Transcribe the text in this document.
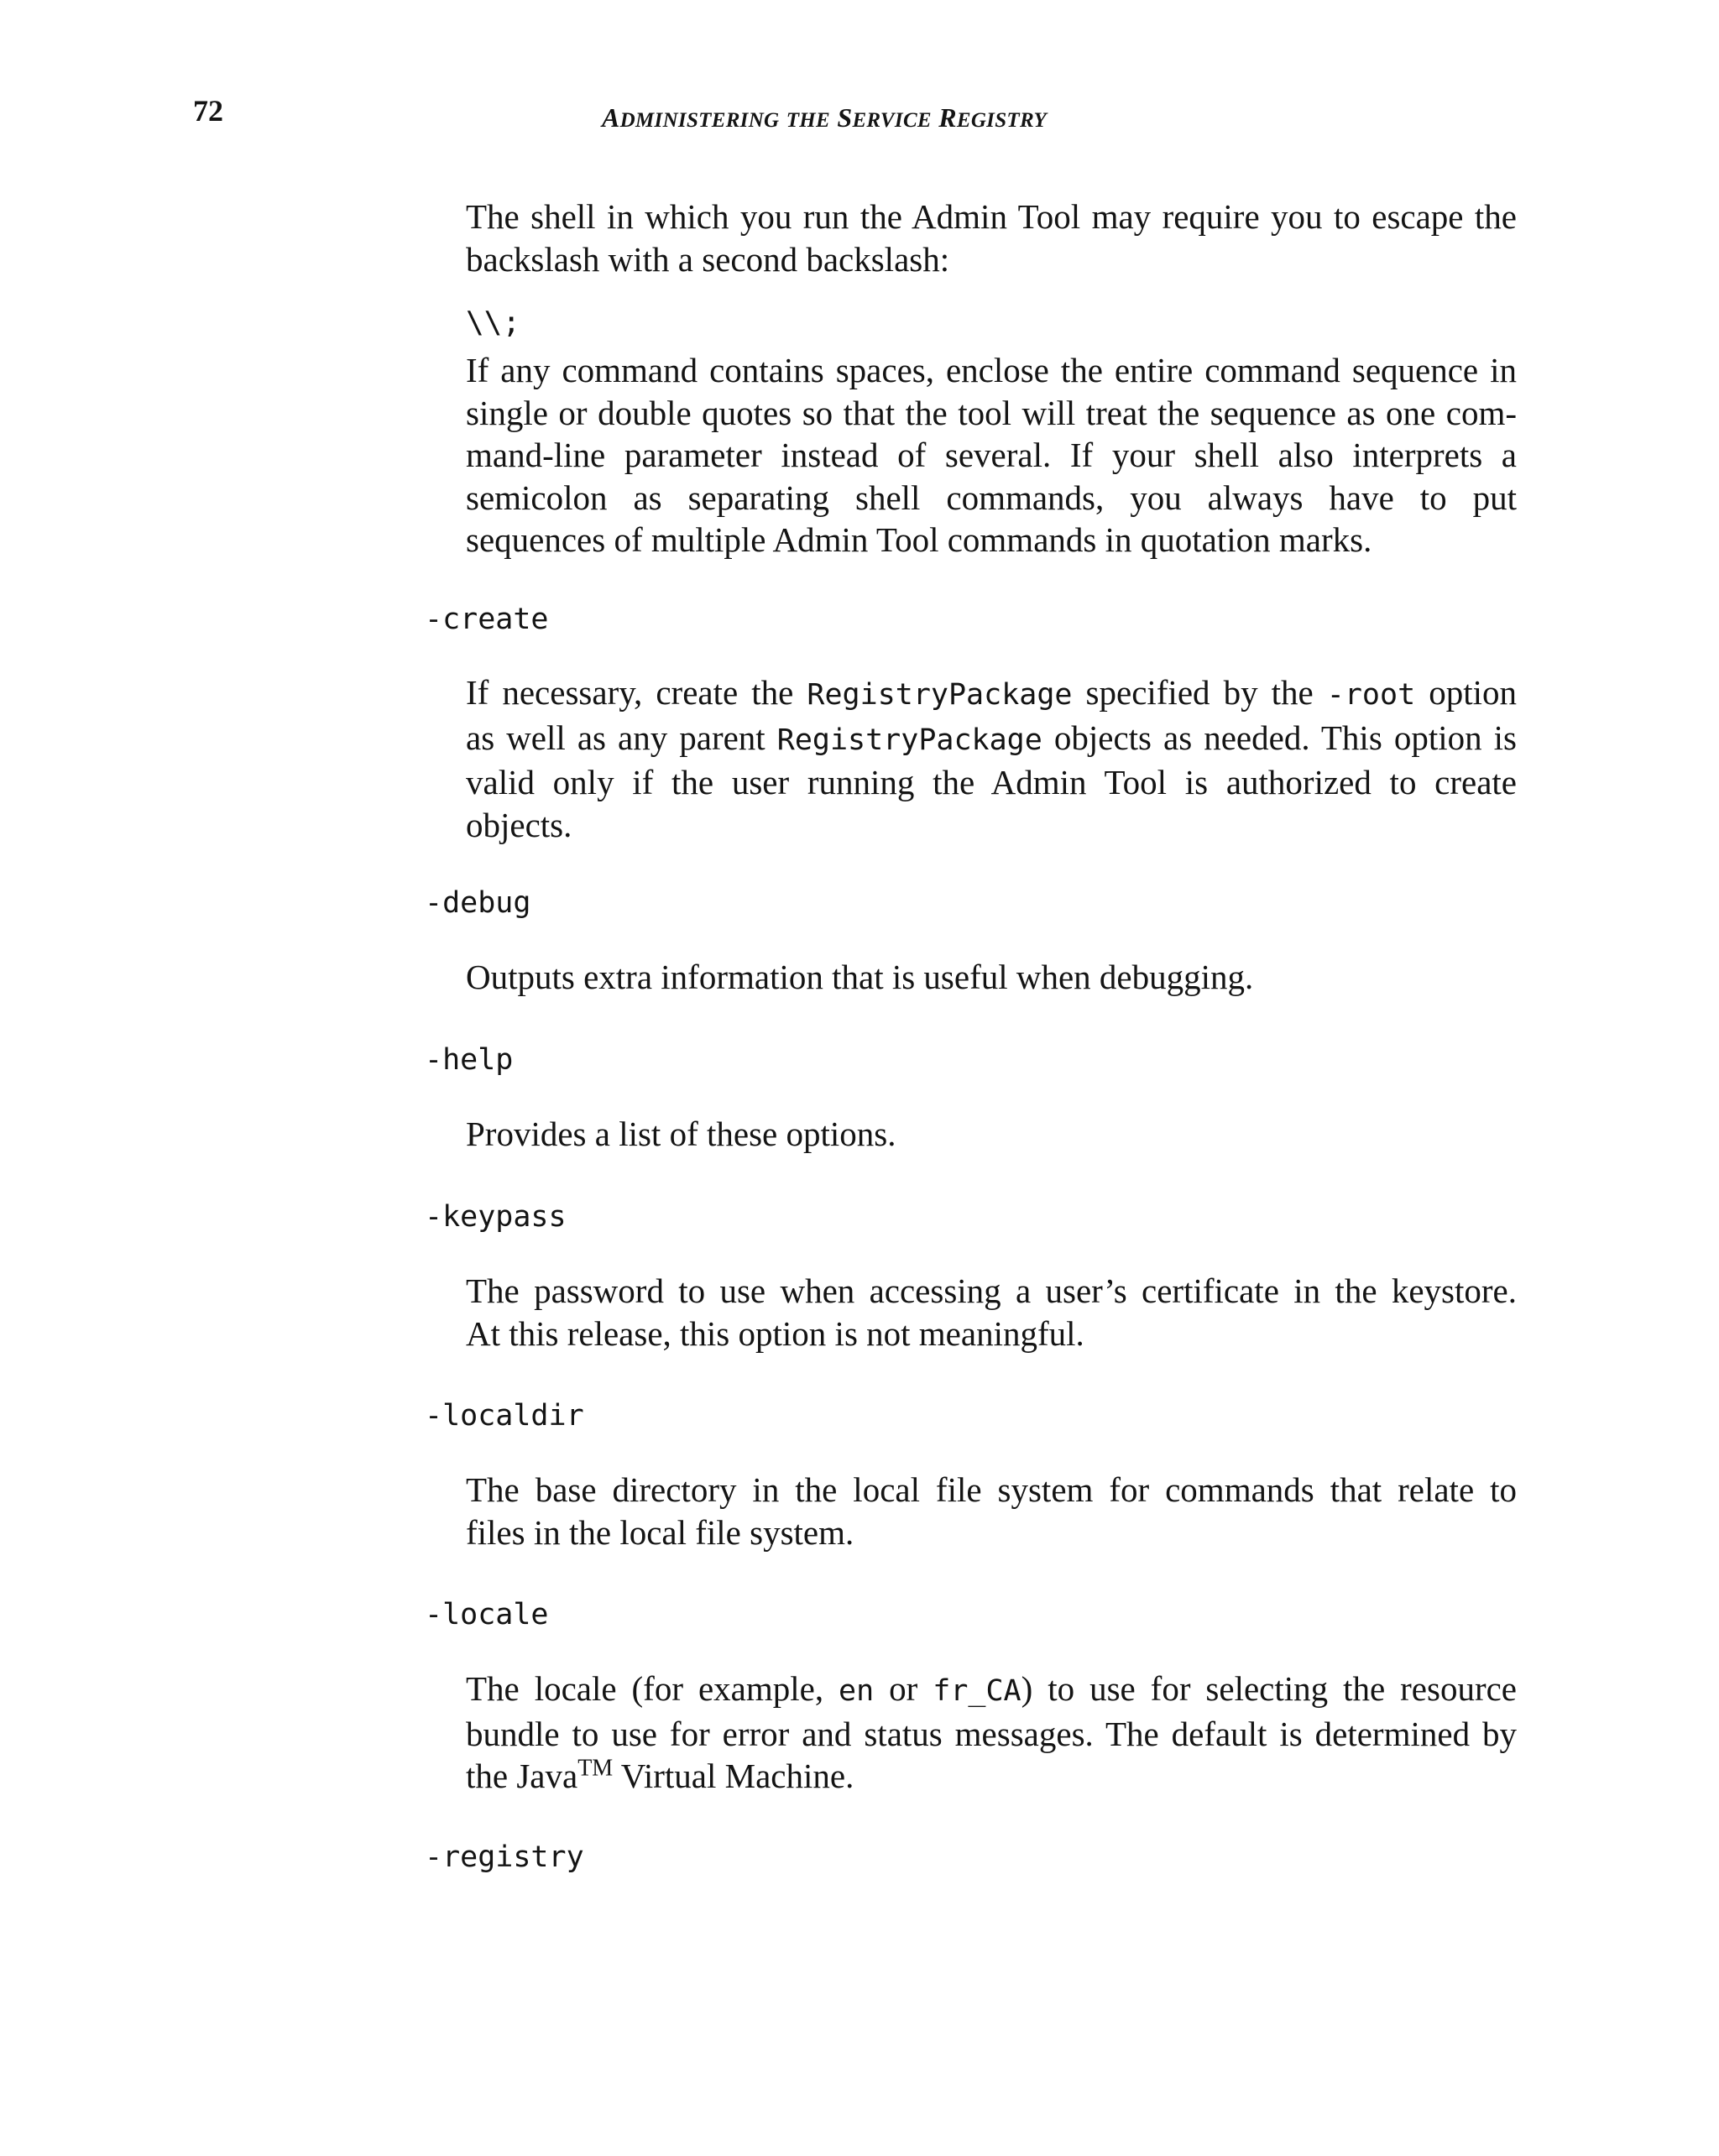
72	ADMINISTERING THE SERVICE REGISTRY
The shell in which you run the Admin Tool may require you to escape the
backslash with a second backslash:
\\;
If any command contains spaces, enclose the entire command sequence in
single or double quotes so that the tool will treat the sequence as one com-
mand-line parameter instead of several. If your shell also interprets a
semicolon as separating shell commands, you always have to put
sequences of multiple Admin Tool commands in quotation marks.
-create
If necessary, create the RegistryPackage specified by the -root option
as well as any parent RegistryPackage objects as needed. This option is
valid only if the user running the Admin Tool is authorized to create
objects.
-debug
Outputs extra information that is useful when debugging.
-help
Provides a list of these options.
-keypass
The password to use when accessing a user’s certificate in the keystore.
At this release, this option is not meaningful.
-localdir
The base directory in the local file system for commands that relate to
files in the local file system.
-locale
The locale (for example, en or fr_CA) to use for selecting the resource
bundle to use for error and status messages. The default is determined by
the Java™ Virtual Machine.
-registry
